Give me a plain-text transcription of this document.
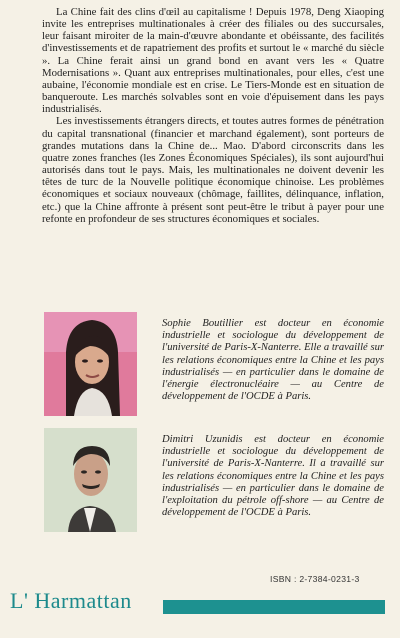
La Chine fait des clins d'œil au capitalisme ! Depuis 1978, Deng Xiaoping invite les entreprises multinationales à créer des filiales ou des succursales, leur faisant miroiter de la main-d'œuvre abondante et obéissante, des facilités d'investissements et de rapatriement des profits et surtout le « marché du siècle ». La Chine ferait ainsi un grand bond en avant vers les « Quatre Modernisations ». Quant aux entreprises multinationales, pour elles, c'est une aubaine, l'économie mondiale est en crise. Le Tiers-Monde est en situation de banqueroute. Les marchés solvables sont en voie d'épuisement dans les pays industrialisés.

Les investissements étrangers directs, et toutes autres formes de pénétration du capital transnational (financier et marchand également), sont porteurs de grandes mutations dans la Chine de... Mao. D'abord circonscrits dans les quatre zones franches (les Zones Économiques Spéciales), ils sont aujourd'hui autorisés dans tout le pays. Mais, les multinationales ne doivent devenir les têtes de turc de la Nouvelle politique économique chinoise. Les problèmes économiques et sociaux nouveaux (chômage, faillites, délinquance, inflation, etc.) que la Chine affronte à présent sont peut-être le tribut à payer pour une refonte en profondeur de ses structures économiques et sociales.

Sophie Boutillier est docteur en économie industrielle et sociologue du développement de l'université de Paris-X-Nanterre. Elle a travaillé sur les relations économiques entre la Chine et les pays industrialisés — en particulier dans le domaine de l'énergie électronucléaire — au Centre de développement de l'OCDE à Paris.

Dimitri Uzunidis est docteur en économie industrielle et sociologue du développement de l'université de Paris-X-Nanterre. Il a travaillé sur les relations économiques entre la Chine et les pays industrialisés — en particulier dans le domaine de l'exploitation du pétrole off-shore — au Centre de développement de l'OCDE à Paris.

ISBN : 2-7384-0231-3
L' Harmattan
